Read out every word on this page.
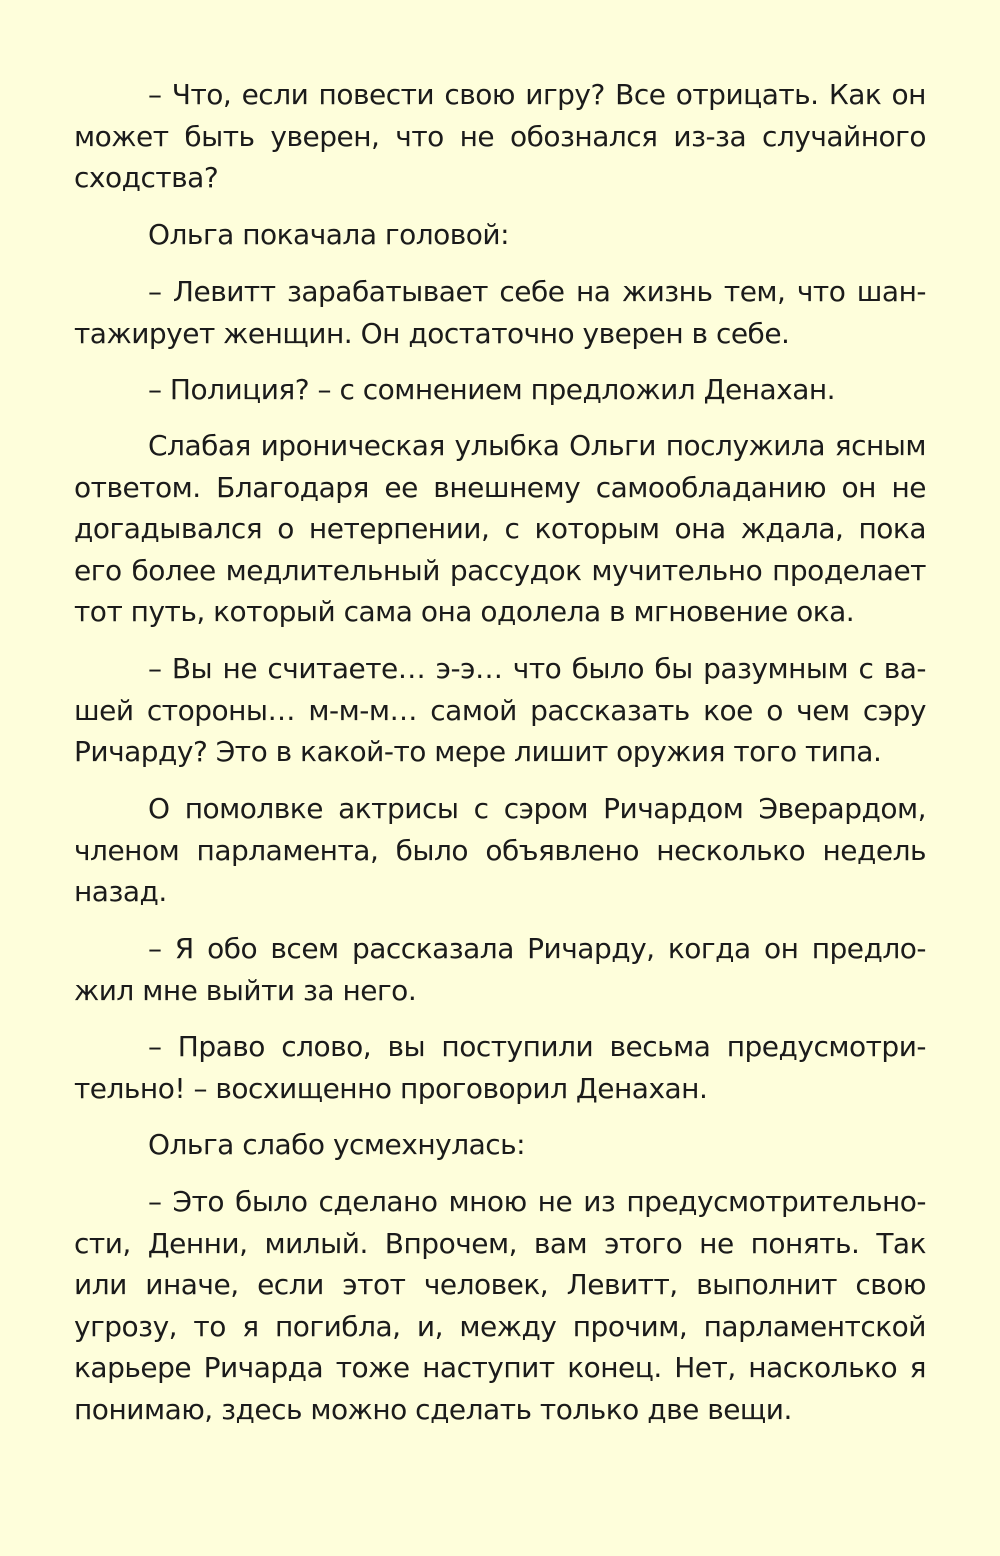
– Что, если повести свою игру? Все отрицать. Как он
может быть уверен, что не обознался из-за случайного
сходства?
Ольга покачала головой:
– Левитт зарабатывает себе на жизнь тем, что шан-
тажирует женщин. Он достаточно уверен в себе.
– Полиция? – с сомнением предложил Денахан.
Слабая ироническая улыбка Ольги послужила ясным
ответом. Благодаря ее внешнему самообладанию он не
догадывался о нетерпении, с которым она ждала, пока
его более медлительный рассудок мучительно проделает
тот путь, который сама она одолела в мгновение ока.
– Вы не считаете… э-э… что было бы разумным с ва-
шей стороны… м-м-м… самой рассказать кое о чем сэру
Ричарду? Это в какой-то мере лишит оружия того типа.
О помолвке актрисы с сэром Ричардом Эверардом,
членом парламента, было объявлено несколько недель
назад.
– Я обо всем рассказала Ричарду, когда он предло-
жил мне выйти за него.
– Право слово, вы поступили весьма предусмотри-
тельно! – восхищенно проговорил Денахан.
Ольга слабо усмехнулась:
– Это было сделано мною не из предусмотрительно-
сти, Денни, милый. Впрочем, вам этого не понять. Так
или иначе, если этот человек, Левитт, выполнит свою
угрозу, то я погибла, и, между прочим, парламентской
карьере Ричарда тоже наступит конец. Нет, насколько я
понимаю, здесь можно сделать только две вещи.
